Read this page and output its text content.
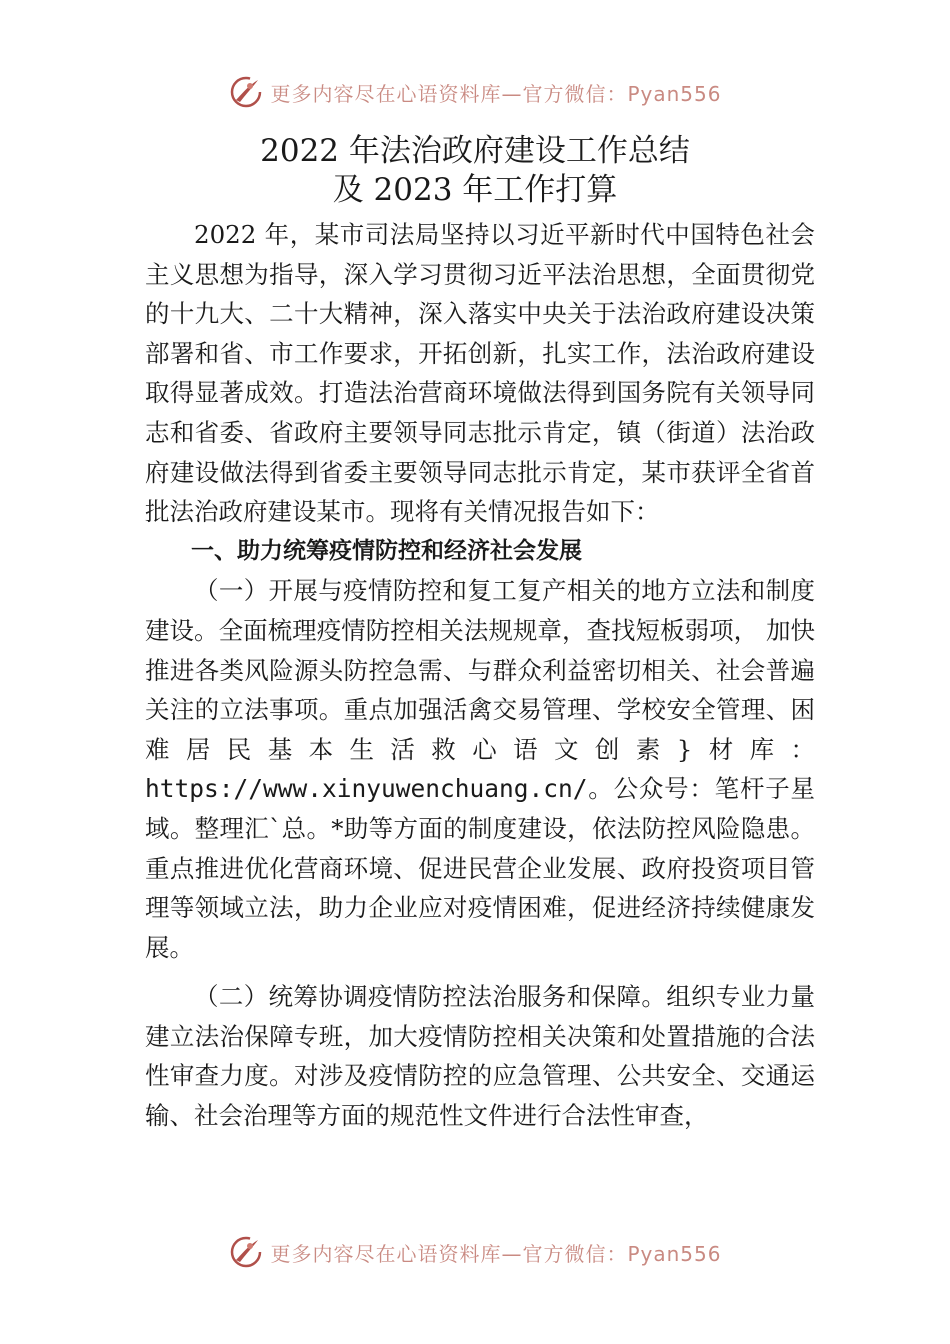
更多内容尽在心语资料库—官方微信：Pyan556
2022 年法治政府建设工作总结
及 2023 年工作打算

2022 年，某市司法局坚持以习近平新时代中国特色社会主义思想为指导，深入学习贯彻习近平法治思想，全面贯彻党的十九大、二十大精神，深入落实中央关于法治政府建设决策部署和省、市工作要求，开拓创新，扎实工作，法治政府建设取得显著成效。打造法治营商环境做法得到国务院有关领导同志和省委、省政府主要领导同志批示肯定，镇（街道）法治政府建设做法得到省委主要领导同志批示肯定，某市获评全省首批法治政府建设某市。现将有关情况报告如下：

一、助力统筹疫情防控和经济社会发展

（一）开展与疫情防控和复工复产相关的地方立法和制度建设。全面梳理疫情防控相关法规规章，查找短板弱项， 加快推进各类风险源头防控急需、与群众利益密切相关、社会普遍关注的立法事项。重点加强活禽交易管理、学校安全管理、困难居民基本生活救心语文创素}材库：https://www.xinyuwenchuang.cn/。公众号：笔杆子星域。整理汇`总。*助等方面的制度建设，依法防控风险隐患。重点推进优化营商环境、促进民营企业发展、政府投资项目管理等领域立法，助力企业应对疫情困难，促进经济持续健康发展。

（二）统筹协调疫情防控法治服务和保障。组织专业力量建立法治保障专班，加大疫情防控相关决策和处置措施的合法性审查力度。对涉及疫情防控的应急管理、公共安全、交通运输、社会治理等方面的规范性文件进行合法性审查，

更多内容尽在心语资料库—官方微信：Pyan556
